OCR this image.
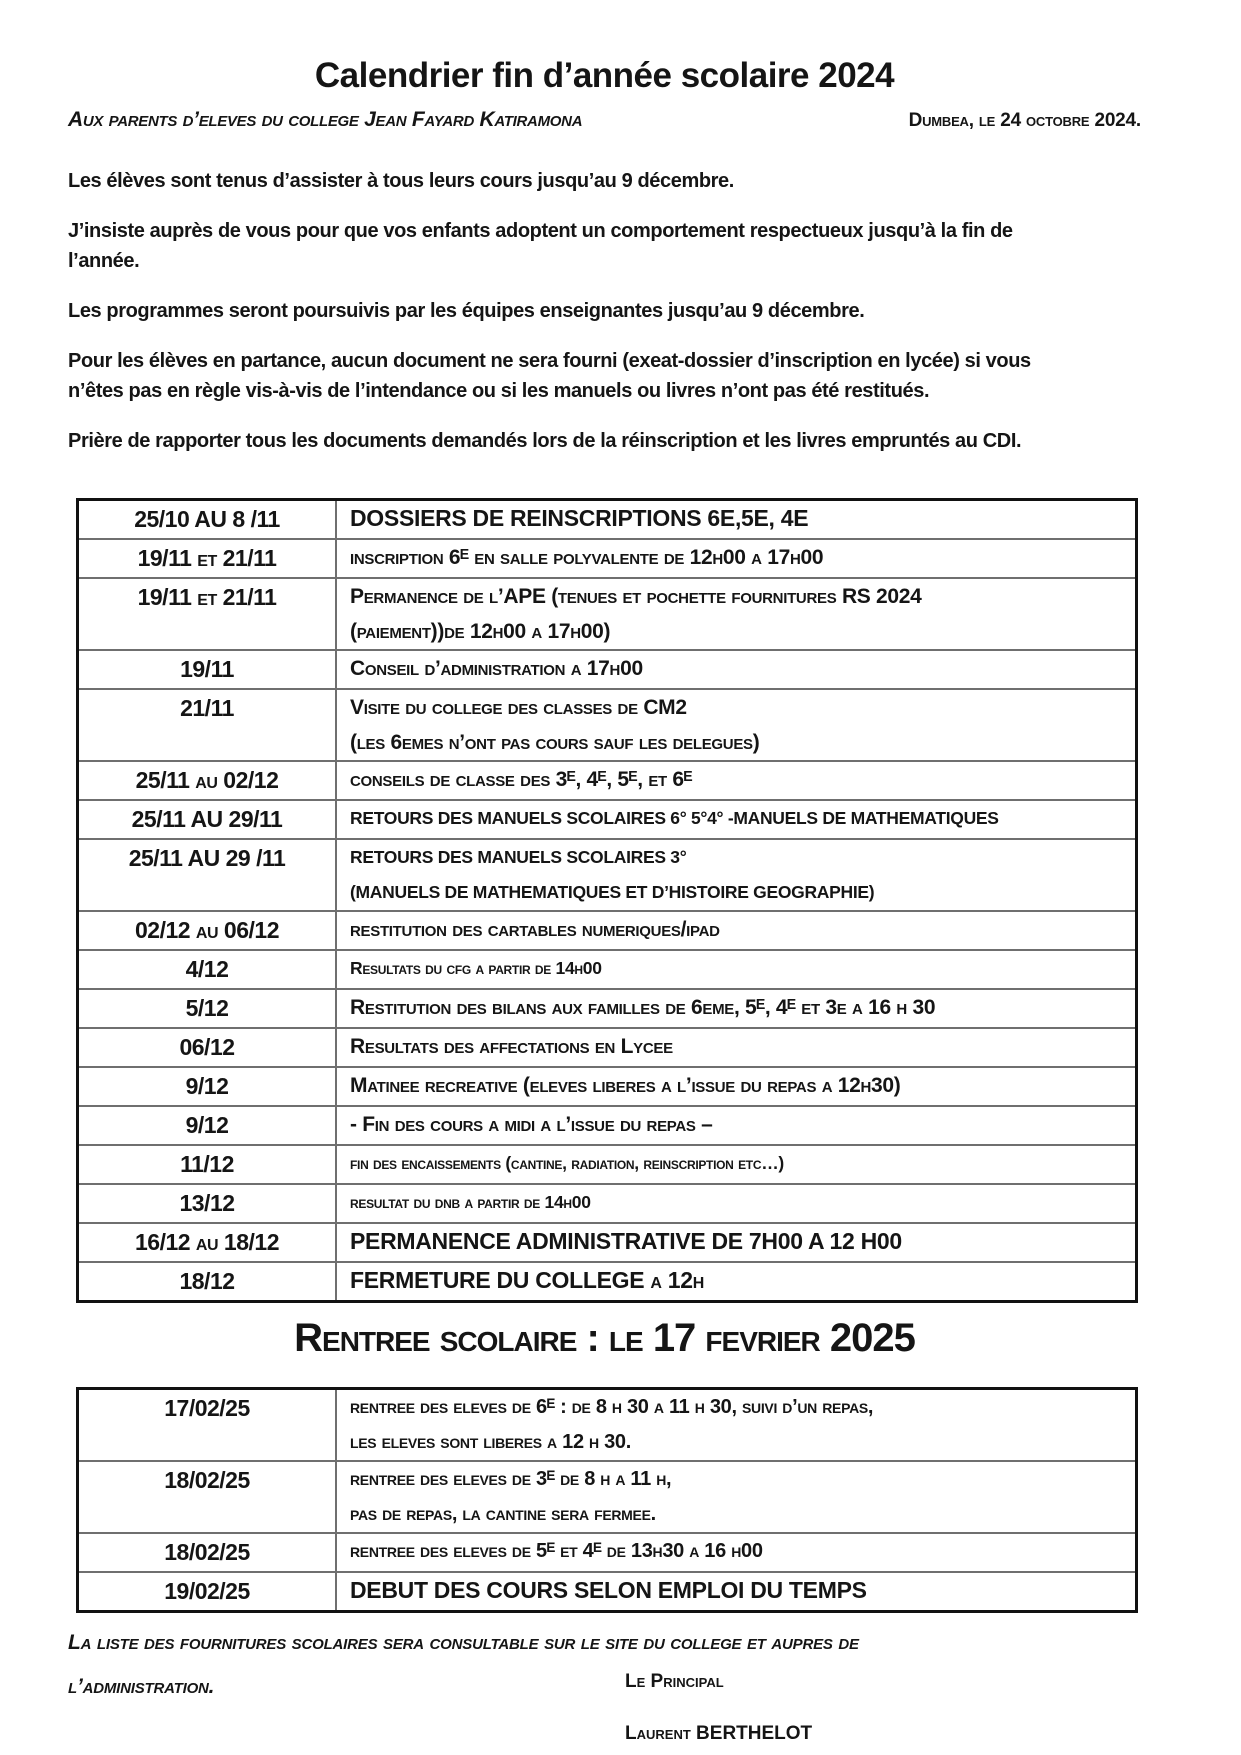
Calendrier fin d’année scolaire 2024
Aux parents d’eleves du college Jean Fayard Katiramona	Dumbea, le 24 octobre 2024.

Les élèves sont tenus d’assister à tous leurs cours jusqu’au 9 décembre.

J’insiste auprès de vous pour que vos enfants adoptent un comportement respectueux jusqu’à la fin de l’année.

Les programmes seront poursuivis par les équipes enseignantes jusqu’au 9 décembre.

Pour les élèves en partance, aucun document ne sera fourni (exeat-dossier d’inscription en lycée) si vous n’êtes pas en règle vis-à-vis de l’intendance ou si les manuels ou livres n’ont pas été restitués.

Prière de rapporter tous les documents demandés lors de la réinscription et les livres empruntés au CDI.

25/10 AU 8 /11	DOSSIERS DE REINSCRIPTIONS 6E,5E, 4E

19/11 et 21/11	inscription 6ᴱ en salle polyvalente de 12h00 a 17h00

19/11 et 21/11	Permanence de l’APE (tenues et pochette fournitures RS 2024
(paiement))de 12h00 a 17h00)

19/11	Conseil d’administration a 17h00

21/11	Visite du college des classes de CM2
(les 6emes n’ont pas cours sauf les delegues)

25/11 au 02/12	conseils de classe des 3ᴱ, 4ᴱ, 5ᴱ, et 6ᴱ

25/11 AU 29/11	RETOURS DES MANUELS SCOLAIRES 6° 5°4° -MANUELS DE MATHEMATIQUES

25/11 AU 29 /11	RETOURS DES MANUELS SCOLAIRES 3°
(MANUELS DE MATHEMATIQUES ET D’HISTOIRE GEOGRAPHIE)

02/12 au 06/12	restitution des cartables numeriques/ipad

4/12	Resultats du cfg a partir de 14h00

5/12	Restitution des bilans aux familles de 6eme, 5ᴱ, 4ᴱ et 3e a 16 h 30

06/12	Resultats des affectations en Lycee

9/12	Matinee recreative (eleves liberes a l’issue du repas a 12h30)

9/12	- Fin des cours a midi a l’issue du repas –

11/12	fin des encaissements (cantine, radiation, reinscription etc…)

13/12	resultat du dnb a partir de 14h00

16/12 au 18/12	PERMANENCE ADMINISTRATIVE DE 7H00 A 12 H00

18/12	FERMETURE DU COLLEGE a 12h
Rentree scolaire : le 17 fevrier 2025
17/02/25	rentree des eleves de 6ᴱ : de 8 h 30 a 11 h 30, suivi d’un repas,
les eleves sont liberes a 12 h 30.

18/02/25	rentree des eleves de 3ᴱ de 8 h a 11 h,
pas de repas, la cantine sera fermee.

18/02/25	rentree des eleves de 5ᴱ et 4ᴱ de 13h30 a 16 h00

19/02/25	DEBUT DES COURS SELON EMPLOI DU TEMPS

La liste des fournitures scolaires sera consultable sur le site du college et aupres de l’administration.	Le Principal
Laurent BERTHELOT
